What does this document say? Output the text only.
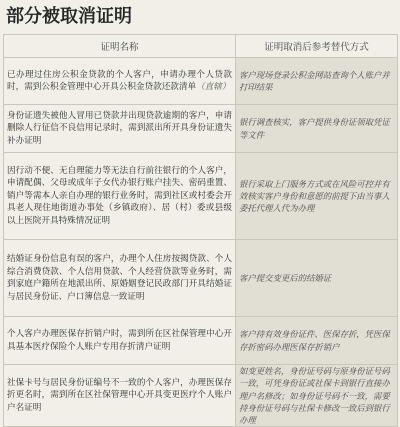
部分被取消证明
证明名称	证明取消后参考替代方式
已办理过住房公积金贷款的个人客户，申请办理个人贷款时，需到公积金管理中心开具公积金贷款还款清单（直辖）	客户现场登录公积金网站查询个人账户并打印结果
身份证遗失被他人冒用已贷款并出现贷款逾期的客户，申请删除人行征信不良信用记录时，需到派出所开具身份证遗失补办证明	银行调查核实，客户提供身份证领取凭证等文件
因行动不便、无自理能力等无法自行前往银行的个人客户，申请配偶、父母或成年子女代办银行账户挂失、密码重置、销户等需本人亲自办理的银行业务时，需到社区或村委会开具老人现住地街道办事处（乡镇政府）、居（村）委或县级以上医院开具特殊情况证明	银行采取上门服务方式或在风险可控并有效核实客户身份和意愿的前提下由当事人委托代理人代为办理
结婚证身份信息有误的客户，办理个人住房按揭贷款、个人综合消费贷款、个人信用贷款、个人经营贷款等业务时，需到家庭户籍所在地派出所、原婚姻登记民政部门开具结婚证与居民身份证、户口簿信息一致证明	客户提交变更后的结婚证
个人客户办理医保存折销户时，需到所在区社保管理中心开具基本医疗保险个人账户专用存折清户证明	客户持有效身份证件、医保存折，凭医保存折密码办理医保存折销户
社保卡号与居民身份证编号不一致的个人客户，办理医保存折更名时，需到所在区社保管理中心开具变更医疗个人账户户名证明	如变更姓名，身份证号码与原身份证号码一致，可凭身份证或社保卡到银行直接办理户名修改；如身份证号码不一致，需要持身份证号码与社保卡修改一致后到银行办理
